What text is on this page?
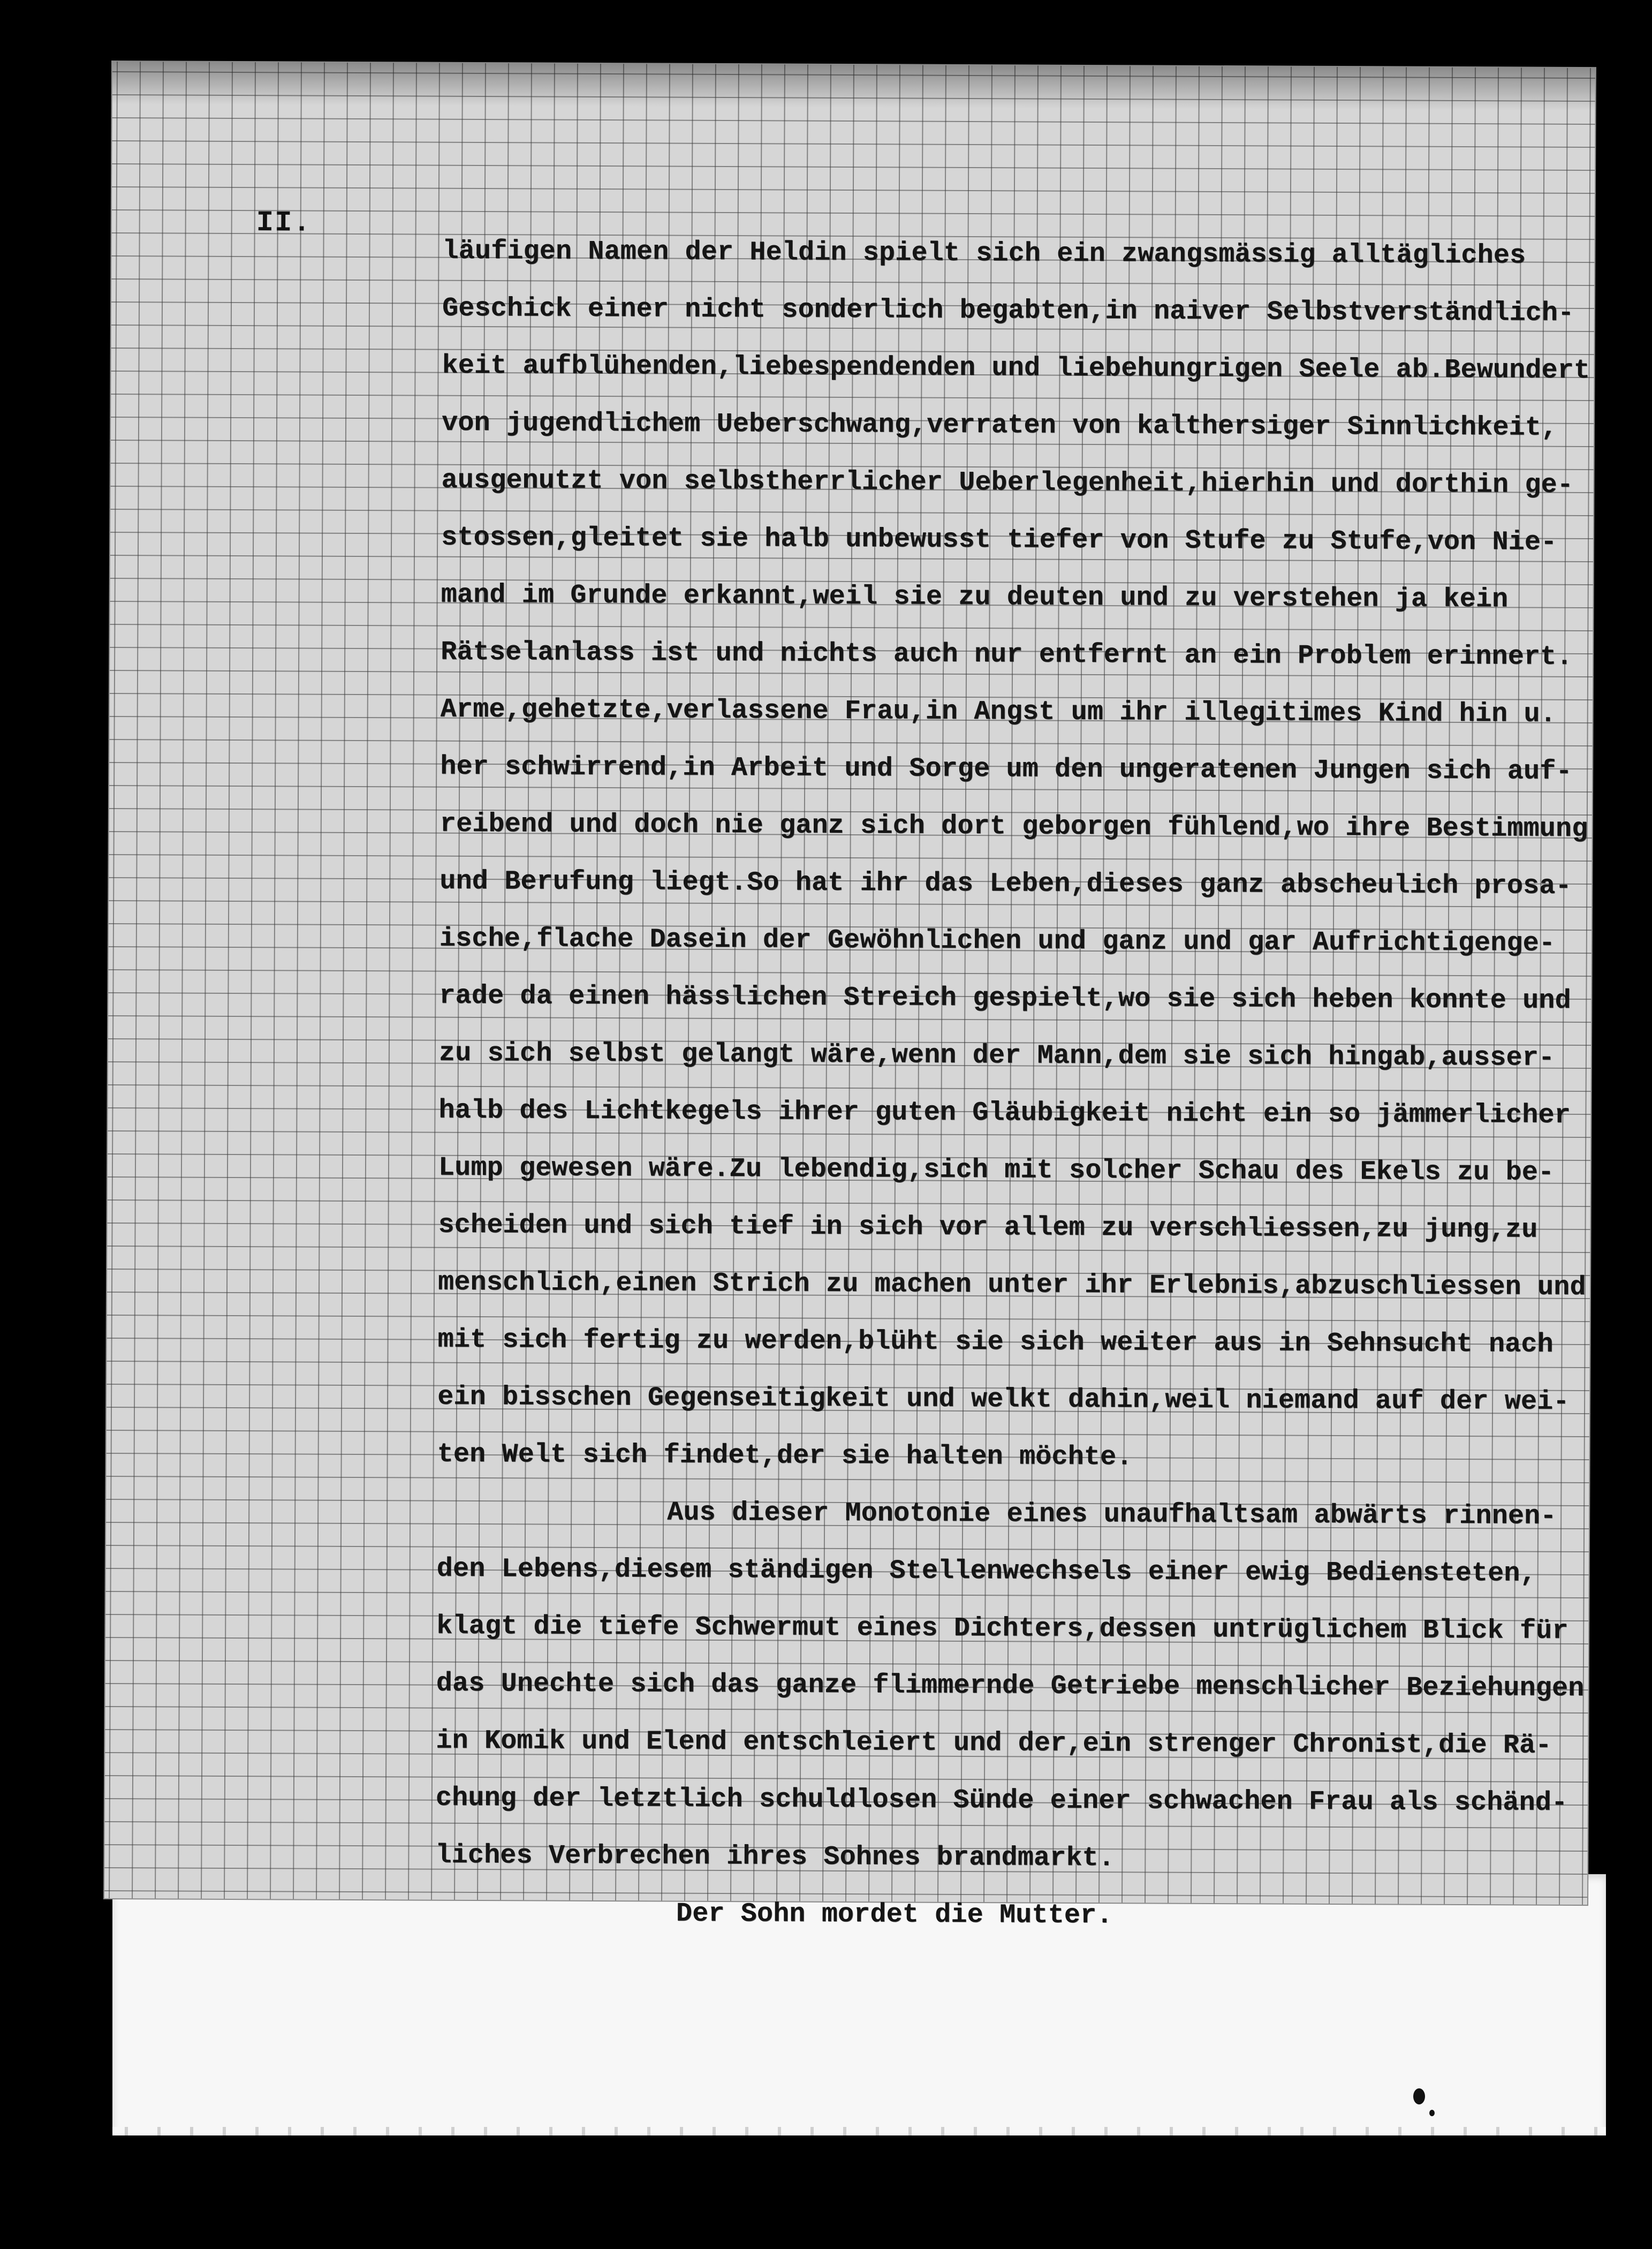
II.
läufigen Namen der Heldin spielt sich ein zwangsmässig alltägliches
Geschick einer nicht sonderlich begabten,in naiver Selbstverständlich-
keit aufblühenden,liebespendenden und liebehungrigen Seele ab.Bewundert
von jugendlichem Ueberschwang,verraten von kalthersiger Sinnlichkeit,
ausgenutzt von selbstherrlicher Ueberlegenheit,hierhin und dorthin ge-
stossen,gleitet sie halb unbewusst tiefer von Stufe zu Stufe,von Nie-
mand im Grunde erkannt,weil sie zu deuten und zu verstehen ja kein
Rätselanlass ist und nichts auch nur entfernt an ein Problem erinnert.
Arme,gehetzte,verlassene Frau,in Angst um ihr illegitimes Kind hin u.
her schwirrend,in Arbeit und Sorge um den ungeratenen Jungen sich auf-
reibend und doch nie ganz sich dort geborgen fühlend,wo ihre Bestimmung
und Berufung liegt.So hat ihr das Leben,dieses ganz abscheulich prosa-
ische,flache Dasein der Gewöhnlichen und ganz und gar Aufrichtigenge-
rade da einen hässlichen Streich gespielt,wo sie sich heben konnte und
zu sich selbst gelangt wäre,wenn der Mann,dem sie sich hingab,ausser-
halb des Lichtkegels ihrer guten Gläubigkeit nicht ein so jämmerlicher
Lump gewesen wäre.Zu lebendig,sich mit solcher Schau des Ekels zu be-
scheiden und sich tief in sich vor allem zu verschliessen,zu jung,zu
menschlich,einen Strich zu machen unter ihr Erlebnis,abzuschliessen und
mit sich fertig zu werden,blüht sie sich weiter aus in Sehnsucht nach
ein bisschen Gegenseitigkeit und welkt dahin,weil niemand auf der wei-
ten Welt sich findet,der sie halten möchte.
Aus dieser Monotonie eines unaufhaltsam abwärts rinnen-
den Lebens,diesem ständigen Stellenwechsels einer ewig Bediensteten,
klagt die tiefe Schwermut eines Dichters,dessen untrüglichem Blick für
das Unechte sich das ganze flimmernde Getriebe menschlicher Beziehungen
in Komik und Elend entschleiert und der,ein strenger Chronist,die Rä-
chung der letztlich schuldlosen Sünde einer schwachen Frau als schänd-
liches Verbrechen ihres Sohnes brandmarkt.
Der Sohn mordet die Mutter.
